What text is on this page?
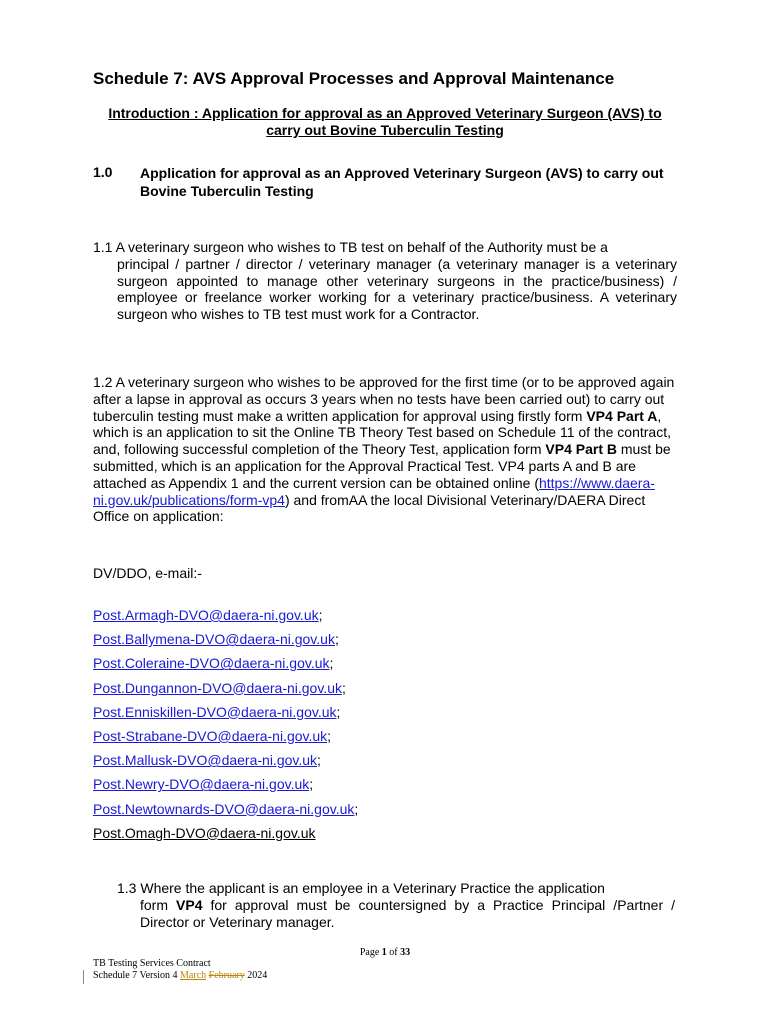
Schedule 7: AVS Approval Processes and Approval Maintenance
Introduction : Application for approval as an Approved Veterinary Surgeon (AVS) to carry out Bovine Tuberculin Testing
1.0 Application for approval as an Approved Veterinary Surgeon (AVS) to carry out Bovine Tuberculin Testing
1.1 A veterinary surgeon who wishes to TB test on behalf of the Authority must be a
principal / partner / director / veterinary manager (a veterinary manager is a veterinary surgeon appointed to manage other veterinary surgeons in the practice/business) / employee or freelance worker working for a veterinary practice/business. A veterinary surgeon who wishes to TB test must work for a Contractor.
1.2 A veterinary surgeon who wishes to be approved for the first time (or to be approved again after a lapse in approval as occurs 3 years when no tests have been carried out) to carry out tuberculin testing must make a written application for approval using firstly form VP4 Part A, which is an application to sit the Online TB Theory Test based on Schedule 11 of the contract, and, following successful completion of the Theory Test, application form VP4 Part B must be submitted, which is an application for the Approval Practical Test. VP4 parts A and B are attached as Appendix 1 and the current version can be obtained online (https://www.daera-ni.gov.uk/publications/form-vp4) and fromAA the local Divisional Veterinary/DAERA Direct Office on application:
DV/DDO, e-mail:-
Post.Armagh-DVO@daera-ni.gov.uk;
Post.Ballymena-DVO@daera-ni.gov.uk;
Post.Coleraine-DVO@daera-ni.gov.uk;
Post.Dungannon-DVO@daera-ni.gov.uk;
Post.Enniskillen-DVO@daera-ni.gov.uk;
Post-Strabane-DVO@daera-ni.gov.uk;
Post.Mallusk-DVO@daera-ni.gov.uk;
Post.Newry-DVO@daera-ni.gov.uk;
Post.Newtownards-DVO@daera-ni.gov.uk;
Post.Omagh-DVO@daera-ni.gov.uk
1.3 Where the applicant is an employee in a Veterinary Practice the application
form VP4 for approval must be countersigned by a Practice Principal /Partner / Director or Veterinary manager.
Page 1 of 33
TB Testing Services Contract
Schedule 7 Version 4 March February 2024
